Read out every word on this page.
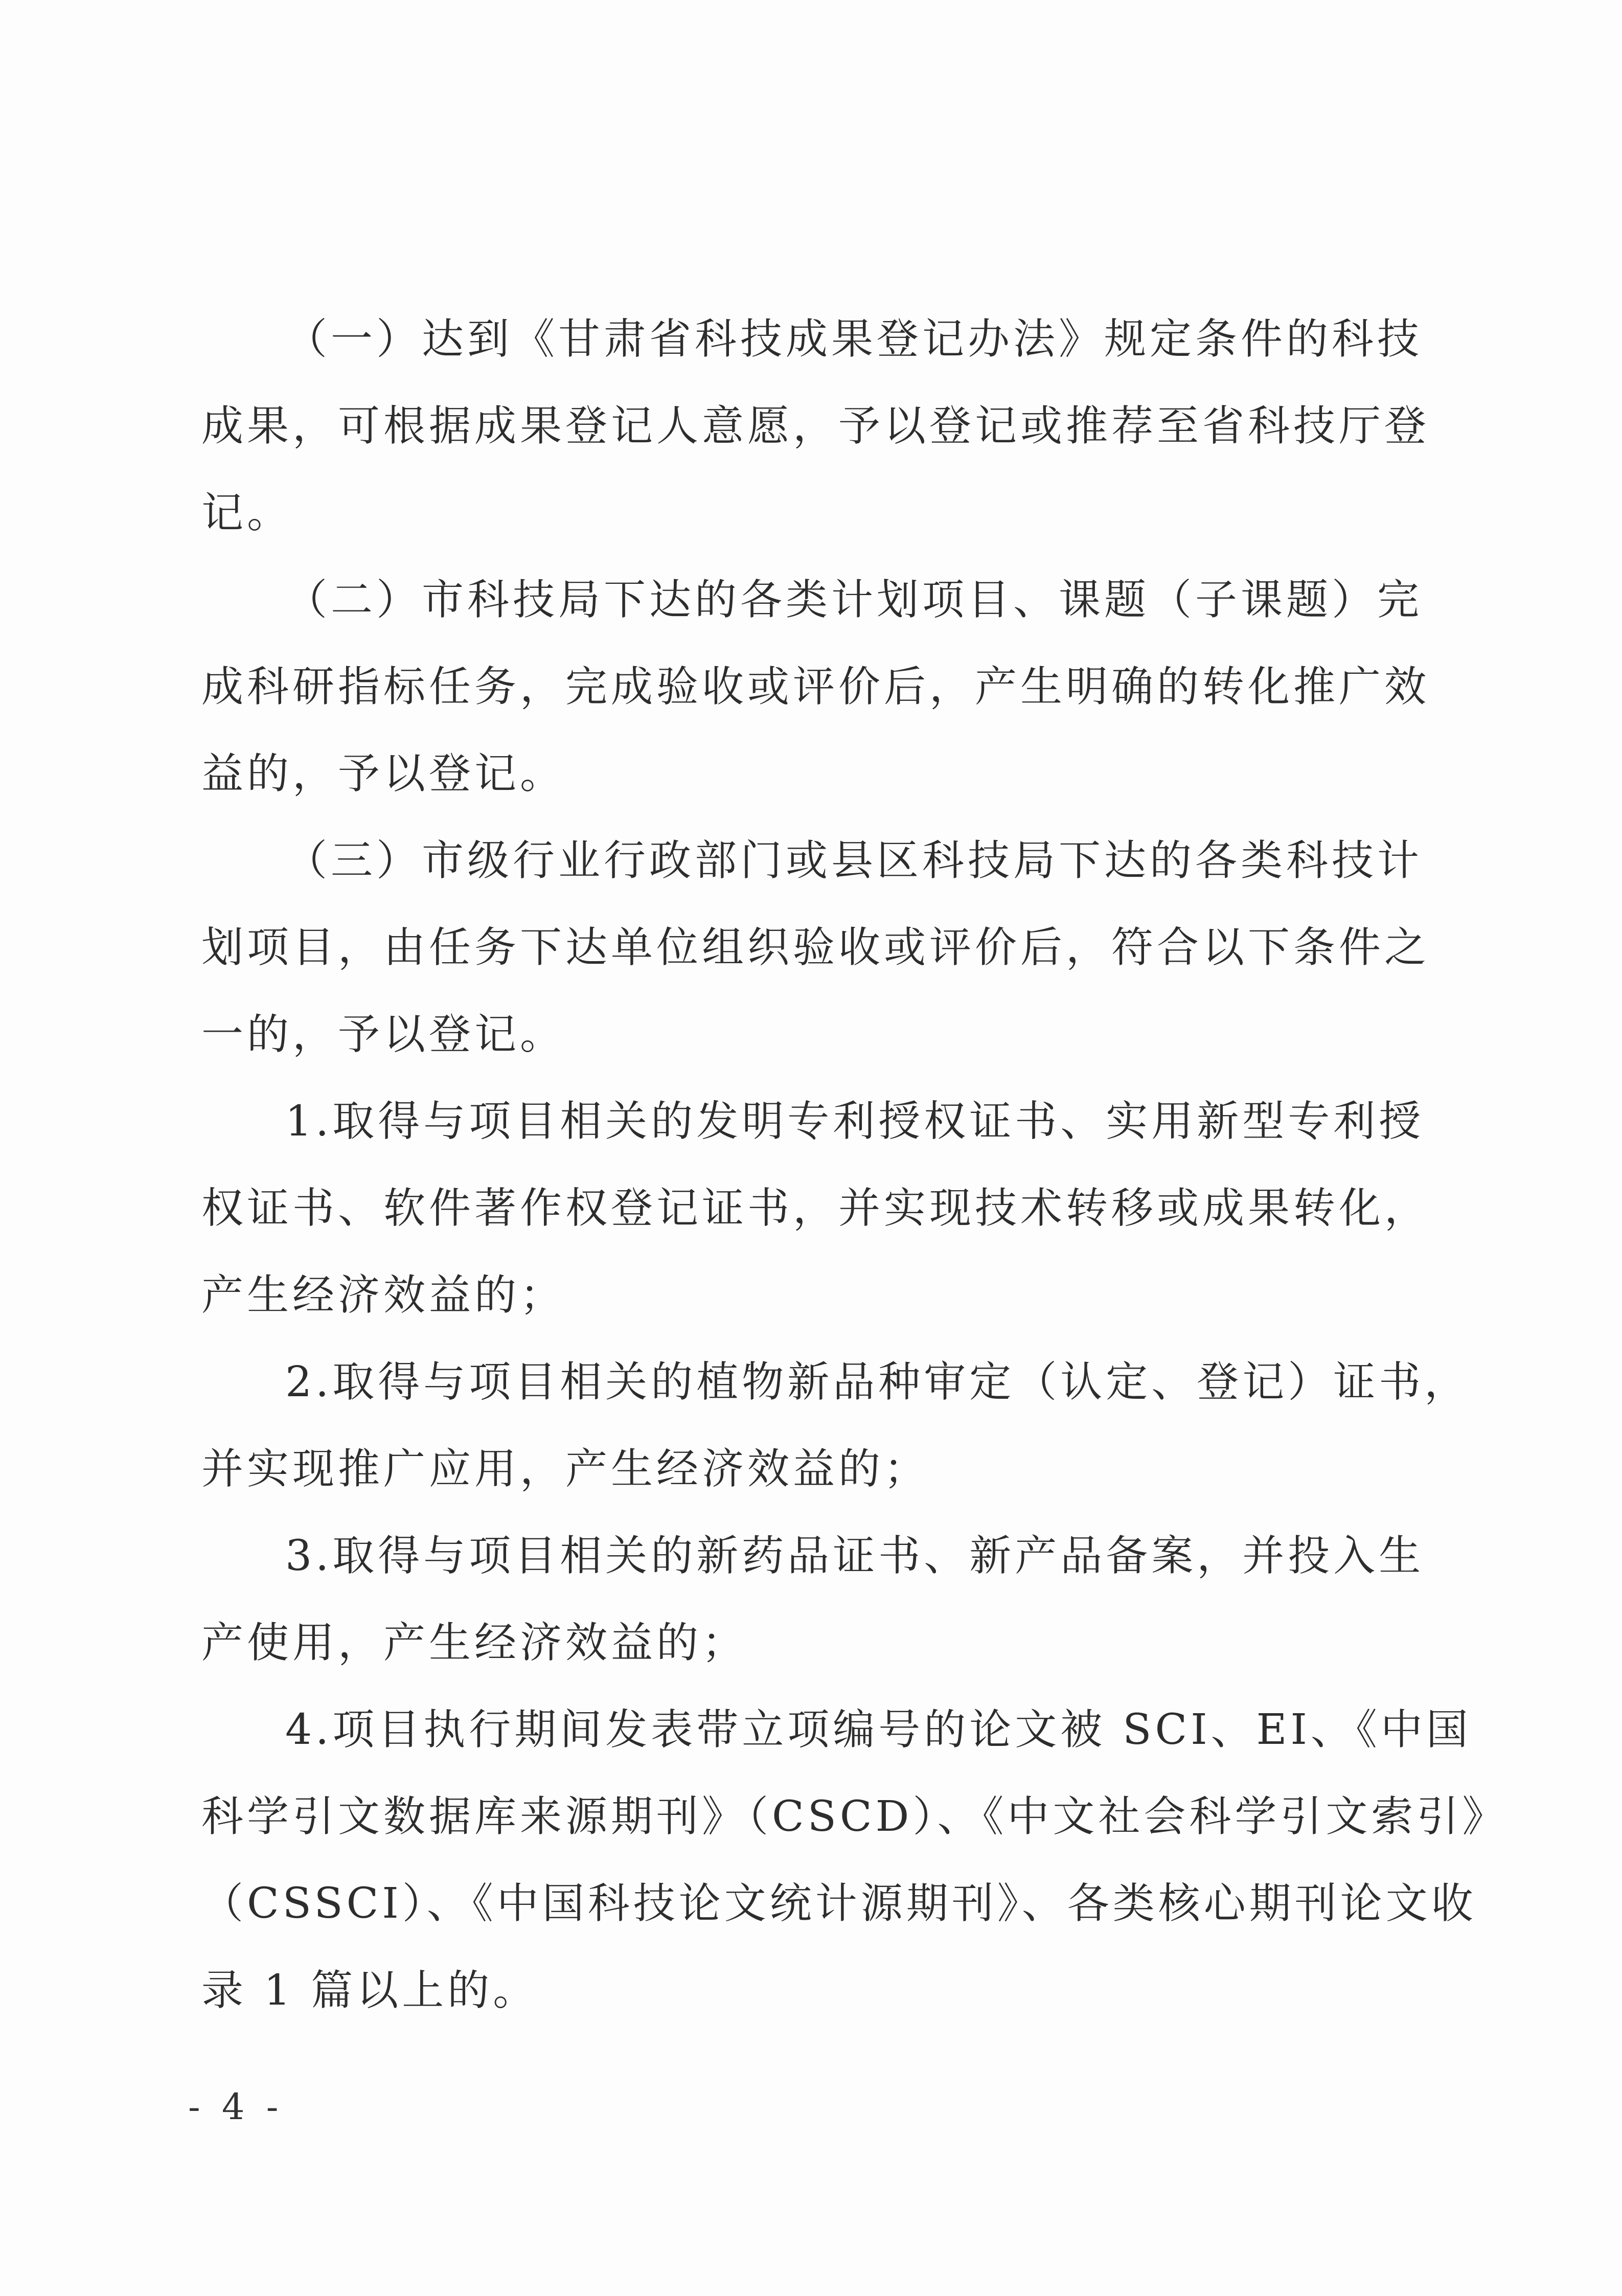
（一）达到《甘肃省科技成果登记办法》规定条件的科技
成果，可根据成果登记人意愿，予以登记或推荐至省科技厅登
记。
（二）市科技局下达的各类计划项目、课题（子课题）完
成科研指标任务，完成验收或评价后，产生明确的转化推广效
益的，予以登记。
（三）市级行业行政部门或县区科技局下达的各类科技计
划项目，由任务下达单位组织验收或评价后，符合以下条件之
一的，予以登记。
1.取得与项目相关的发明专利授权证书、实用新型专利授
权证书、软件著作权登记证书，并实现技术转移或成果转化，
产生经济效益的；
2.取得与项目相关的植物新品种审定（认定、登记）证书，
并实现推广应用，产生经济效益的；
3.取得与项目相关的新药品证书、新产品备案，并投入生
产使用，产生经济效益的；
4.项目执行期间发表带立项编号的论文被 SCI、EI、《中国
科学引文数据库来源期刊》（CSCD）、《中文社会科学引文索引》
（CSSCI）、《中国科技论文统计源期刊》、各类核心期刊论文收
录 1 篇以上的。
- 4 -
